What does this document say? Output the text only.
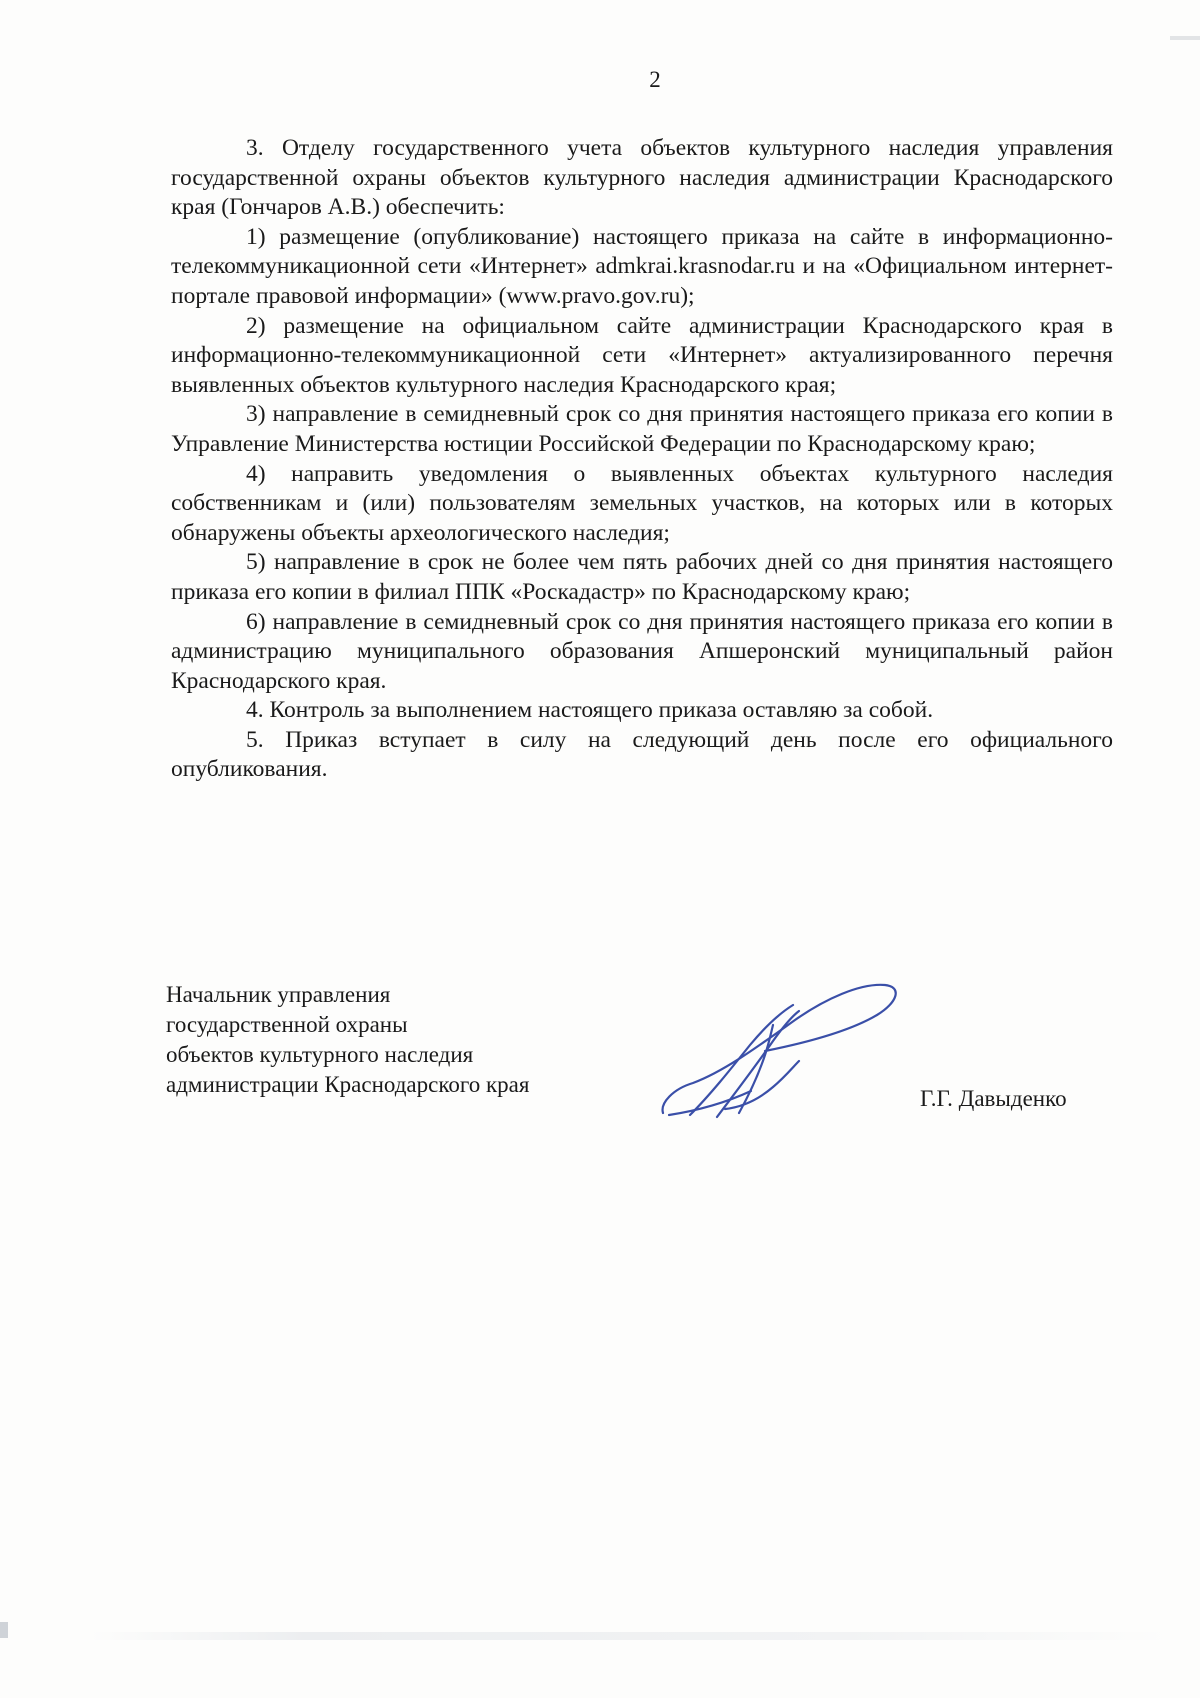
2

3. Отделу государственного учета объектов культурного наследия управления государственной охраны объектов культурного наследия администрации Краснодарского края (Гончаров А.В.) обеспечить:

1) размещение (опубликование) настоящего приказа на сайте в информационно-телекоммуникационной сети «Интернет» admkrai.krasnodar.ru и на «Официальном интернет-портале правовой информации» (www.pravo.gov.ru);

2) размещение на официальном сайте администрации Краснодарского края в информационно-телекоммуникационной сети «Интернет» актуализированного перечня выявленных объектов культурного наследия Краснодарского края;

3) направление в семидневный срок со дня принятия настоящего приказа его копии в Управление Министерства юстиции Российской Федерации по Краснодарскому краю;

4) направить уведомления о выявленных объектах культурного наследия собственникам и (или) пользователям земельных участков, на которых или в которых обнаружены объекты археологического наследия;

5) направление в срок не более чем пять рабочих дней со дня принятия настоящего приказа его копии в филиал ППК «Роскадастр» по Краснодарскому краю;

6) направление в семидневный срок со дня принятия настоящего приказа его копии в администрацию муниципального образования Апшеронский муниципальный район Краснодарского края.

4. Контроль за выполнением настоящего приказа оставляю за собой.

5. Приказ вступает в силу на следующий день после его официального опубликования.

Начальник управления
государственной охраны
объектов культурного наследия
администрации Краснодарского края
Г.Г. Давыденко
